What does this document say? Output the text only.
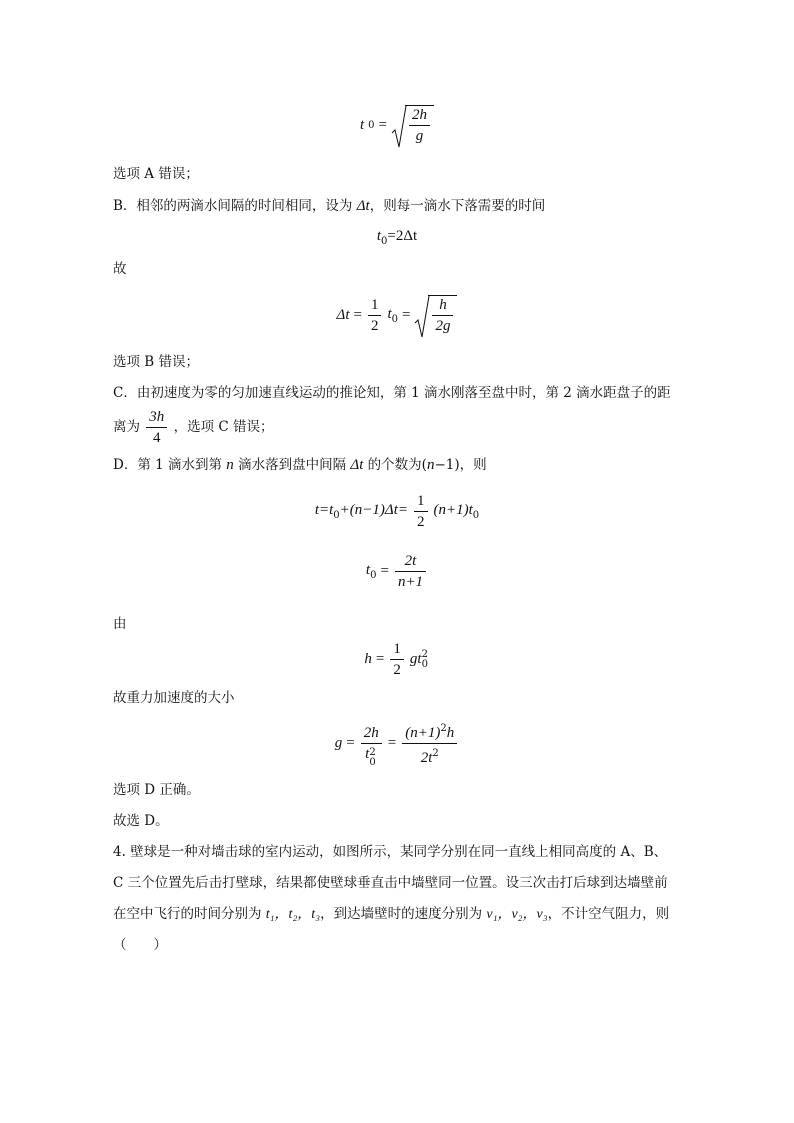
t $0 = \frac{2h}{g}$
选项 A 错误；
B．相邻的两滴水间隔的时间相同，设为 Δt，则每一滴水下落需要的时间
$t_0=2\Delta t$
故
$\Delta t = \frac{1}{2} t_0 = \frac{h}{2g}$
选项 B 错误；
C．由初速度为零的匀加速直线运动的推论知，第 1 滴水刚落至盘中时，第 2 滴水距盘子的距
离为 $\frac{3h}{4}$ ，选项 C 错误；
D．第 1 滴水到第 n 滴水落到盘中间隔 Δt 的个数为(n−1)，则
$t=t_0+(n-1)\Delta t= \frac{1}{2} (n+1)t_0$
$t_0 = \frac{2t}{n+1}$
由
$h = \frac{1}{2}$ gt 2
0
故重力加速度的大小
g = 2h
t 2
$0 = \frac{(n+1)^2h}{2t^2}$
选项 D 正确。
故选 D。
4. 壁球是一种对墙击球的室内运动，如图所示，某同学分别在同一直线上相同高度的 A、B、
C 三个位置先后击打壁球，结果都使壁球垂直击中墙壁同一位置。设三次击打后球到达墙壁前
在空中飞行的时间分别为 t₁，t₂，t₃，到达墙壁时的速度分别为 v₁，v₂，v₃，不计空气阻力，则
（　　）
